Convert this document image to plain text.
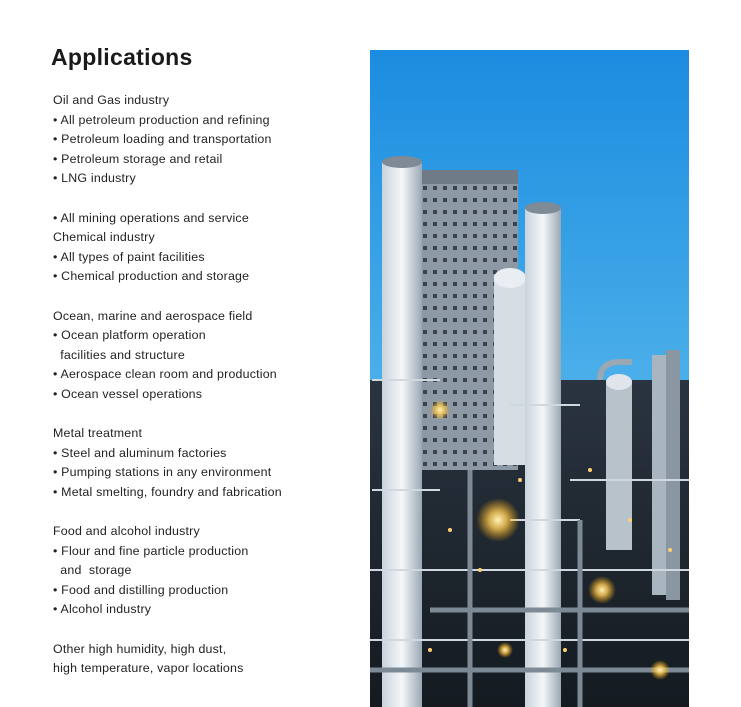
Applications
Oil and Gas industry
• All petroleum production and refining
• Petroleum loading and transportation
• Petroleum storage and retail
• LNG industry
• All mining operations and service
Chemical industry
• All types of paint facilities
• Chemical production and storage
Ocean, marine and aerospace field
• Ocean platform operation
facilities and structure
• Aerospace clean room and production
• Ocean vessel operations
Metal treatment
• Steel and aluminum factories
• Pumping stations in any environment
• Metal smelting, foundry and fabrication
Food and alcohol industry
• Flour and fine particle production
and  storage
• Food and distilling production
• Alcohol industry
Other high humidity, high dust,
high temperature, vapor locations
